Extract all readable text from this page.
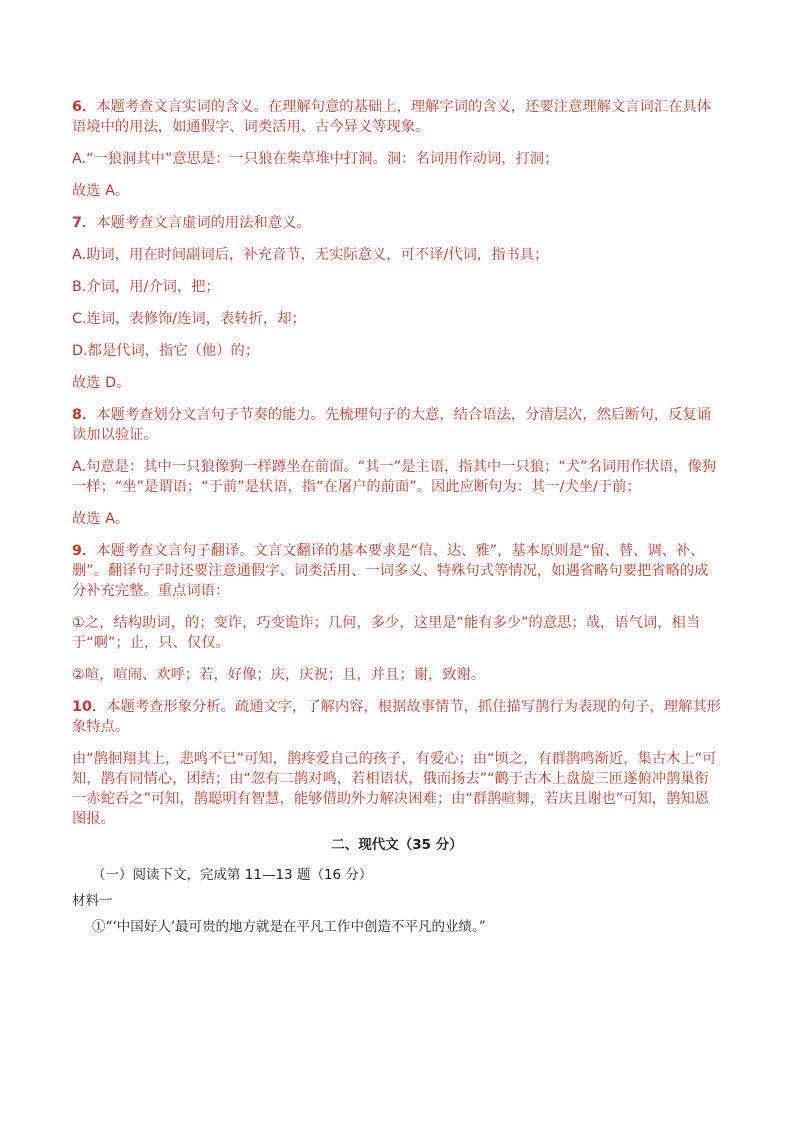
6．本题考查文言实词的含义。在理解句意的基础上，理解字词的含义，还要注意理解文言词汇在具体语境中的用法，如通假字、词类活用、古今异义等现象。

A.“一狼洞其中”意思是：一只狼在柴草堆中打洞。洞：名词用作动词，打洞；

故选 A。

7．本题考查文言虚词的用法和意义。

A.助词，用在时间副词后，补充音节，无实际意义，可不译/代词，指书具；

B.介词，用/介词，把；

C.连词，表修饰/连词，表转折，却；

D.都是代词，指它（他）的；

故选 D。

8．本题考查划分文言句子节奏的能力。先梳理句子的大意，结合语法，分清层次，然后断句，反复诵读加以验证。

A.句意是：其中一只狼像狗一样蹲坐在前面。“其一”是主语，指其中一只狼；“犬”名词用作状语，像狗一样；“坐”是谓语；“于前”是状语，指“在屠户的前面”。因此应断句为：其一/犬坐/于前；

故选 A。

9．本题考查文言句子翻译。文言文翻译的基本要求是“信、达、雅”，基本原则是“留、替、调、补、删”。翻译句子时还要注意通假字、词类活用、一词多义、特殊句式等情况，如遇省略句要把省略的成分补充完整。重点词语：

①之，结构助词，的；变诈，巧变诡诈；几何，多少，这里是“能有多少”的意思；哉，语气词，相当于“啊”；止，只、仅仅。

②喧，喧闹、欢呼；若，好像；庆，庆祝；且，并且；谢，致谢。

10．本题考查形象分析。疏通文字，了解内容，根据故事情节，抓住描写鹊行为表现的句子，理解其形象特点。

由“鹊徊翔其上，悲鸣不已”可知，鹊疼爱自己的孩子，有爱心；由“顷之，有群鹊鸣渐近，集古木上”可知，鹊有同情心，团结；由“忽有二鹊对鸣，若相语状，俄而扬去”“鹳于古木上盘旋三匝遂俯冲鹊巢衔一赤蛇吞之”可知，鹊聪明有智慧，能够借助外力解决困难；由“群鹊喧舞，若庆且谢也”可知，鹊知恩图报。

二、现代文（35 分）

（一）阅读下文，完成第 11—13 题（16 分）

材料一

①“‘中国好人’最可贵的地方就是在平凡工作中创造不平凡的业绩。”
